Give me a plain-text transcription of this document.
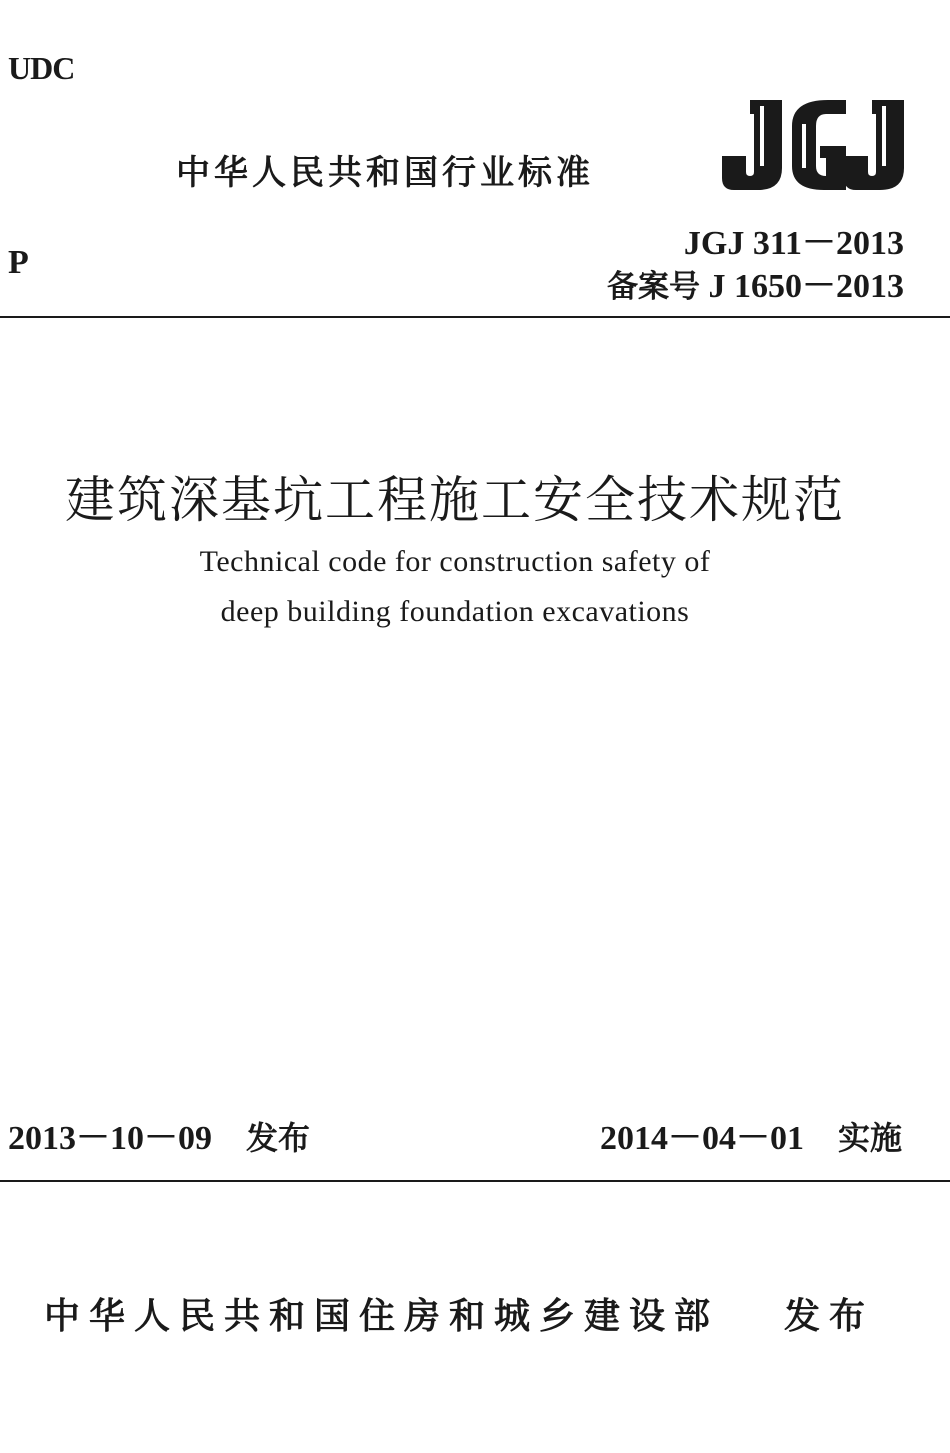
UDC
P
中华人民共和国行业标准
JGJ 311－2013
备案号 J 1650－2013
建筑深基坑工程施工安全技术规范
Technical code for construction safety of
deep building foundation excavations
2013－10－09 发布	2014－04－01 实施
中华人民共和国住房和城乡建设部 发布
